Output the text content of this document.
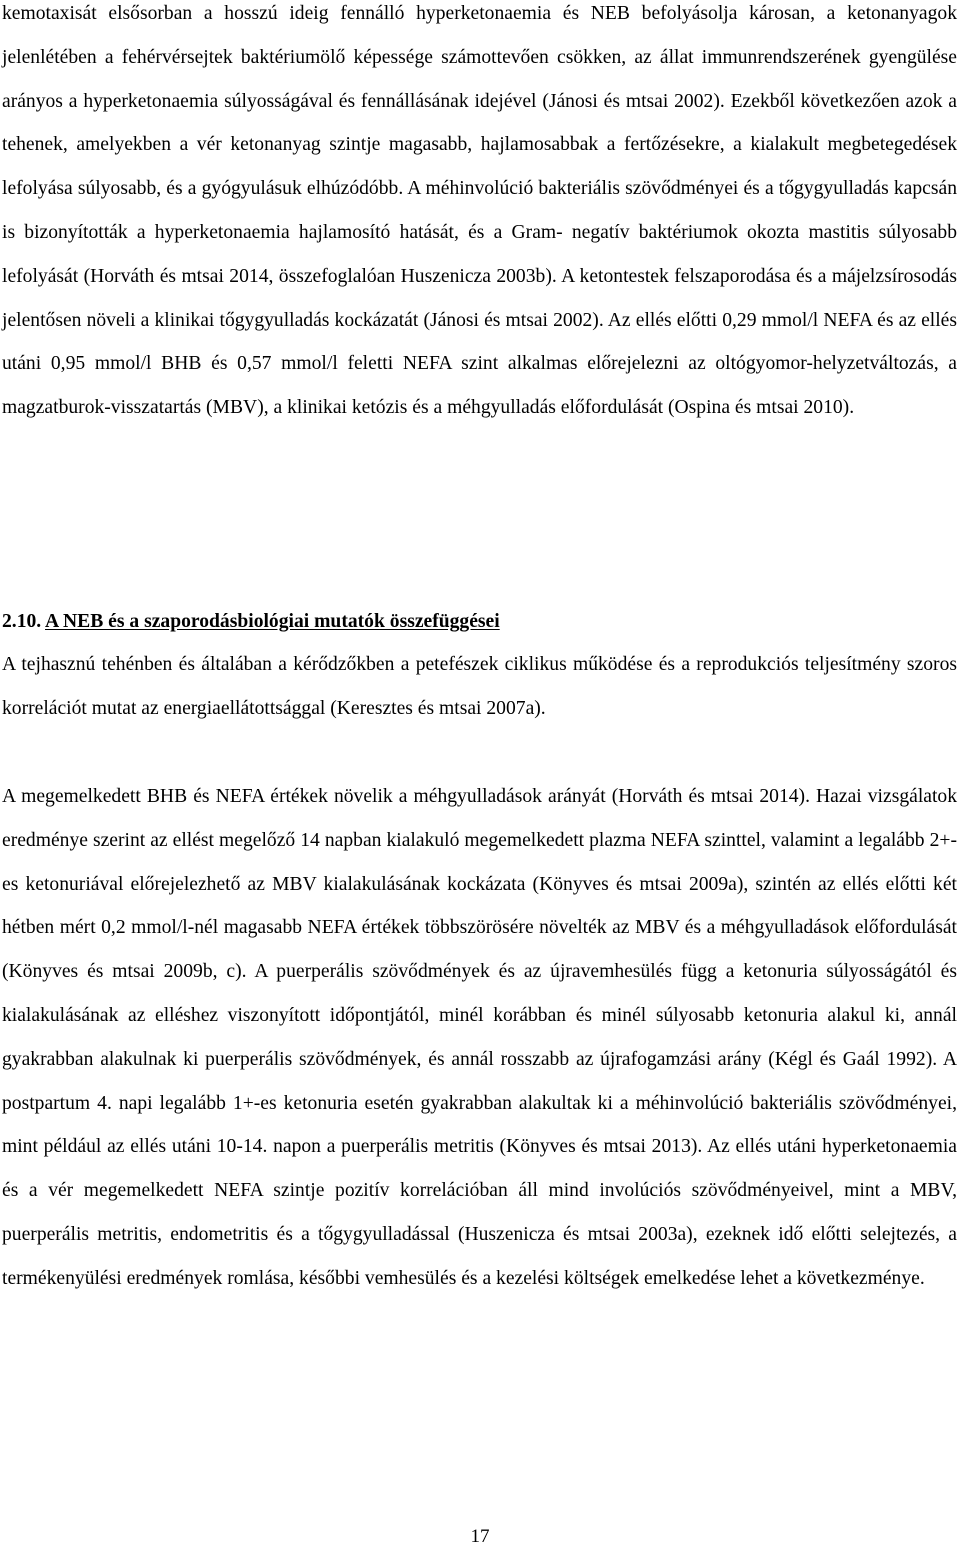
kemotaxisát elsősorban a hosszú ideig fennálló hyperketonaemia és NEB befolyásolja károsan, a ketonanyagok jelenlétében a fehérvérsejtek baktériumölő képessége számottevően csökken, az állat immunrendszerének gyengülése arányos a hyperketonaemia súlyosságával és fennállásának idejével (Jánosi és mtsai 2002). Ezekből következően azok a tehenek, amelyekben a vér ketonanyag szintje magasabb, hajlamosabbak a fertőzésekre, a kialakult megbetegedések lefolyása súlyosabb, és a gyógyulásuk elhúzódóbb. A méhinvolúció bakteriális szövődményei és a tőgygyulladás kapcsán is bizonyították a hyperketonaemia hajlamosító hatását, és a Gram- negatív baktériumok okozta mastitis súlyosabb lefolyását (Horváth és mtsai 2014, összefoglalóan Huszenicza 2003b). A ketontestek felszaporodása és a májelzsírosodás jelentősen növeli a klinikai tőgygyulladás kockázatát (Jánosi és mtsai 2002). Az ellés előtti 0,29 mmol/l NEFA és az ellés utáni 0,95 mmol/l BHB és 0,57 mmol/l feletti NEFA szint alkalmas előrejelezni az oltógyomor-helyzetváltozás, a magzatburok-visszatartás (MBV), a klinikai ketózis és a méhgyulladás előfordulását (Ospina és mtsai 2010).

2.10. A NEB és a szaporodásbiológiai mutatók összefüggései

A tejhasznú tehénben és általában a kérődzőkben a petefészek ciklikus működése és a reprodukciós teljesítmény szoros korrelációt mutat az energiaellátottsággal (Keresztes és mtsai 2007a).

A megemelkedett BHB és NEFA értékek növelik a méhgyulladások arányát (Horváth és mtsai 2014). Hazai vizsgálatok eredménye szerint az ellést megelőző 14 napban kialakuló megemelkedett plazma NEFA szinttel, valamint a legalább 2+-es ketonuriával előrejelezhető az MBV kialakulásának kockázata (Könyves és mtsai 2009a), szintén az ellés előtti két hétben mért 0,2 mmol/l-nél magasabb NEFA értékek többszörösére növelték az MBV és a méhgyulladások előfordulását (Könyves és mtsai 2009b, c). A puerperális szövődmények és az újravemhesülés függ a ketonuria súlyosságától és kialakulásának az elléshez viszonyított időpontjától, minél korábban és minél súlyosabb ketonuria alakul ki, annál gyakrabban alakulnak ki puerperális szövődmények, és annál rosszabb az újrafogamzási arány (Kégl és Gaál 1992). A postpartum 4. napi legalább 1+-es ketonuria esetén gyakrabban alakultak ki a méhinvolúció bakteriális szövődményei, mint például az ellés utáni 10-14. napon a puerperális metritis (Könyves és mtsai 2013). Az ellés utáni hyperketonaemia és a vér megemelkedett NEFA szintje pozitív korrelációban áll mind involúciós szövődményeivel, mint a MBV, puerperális metritis, endometritis és a tőgygyulladással (Huszenicza és mtsai 2003a), ezeknek idő előtti selejtezés, a termékenyülési eredmények romlása, későbbi vemhesülés és a kezelési költségek emelkedése lehet a következménye.

17
